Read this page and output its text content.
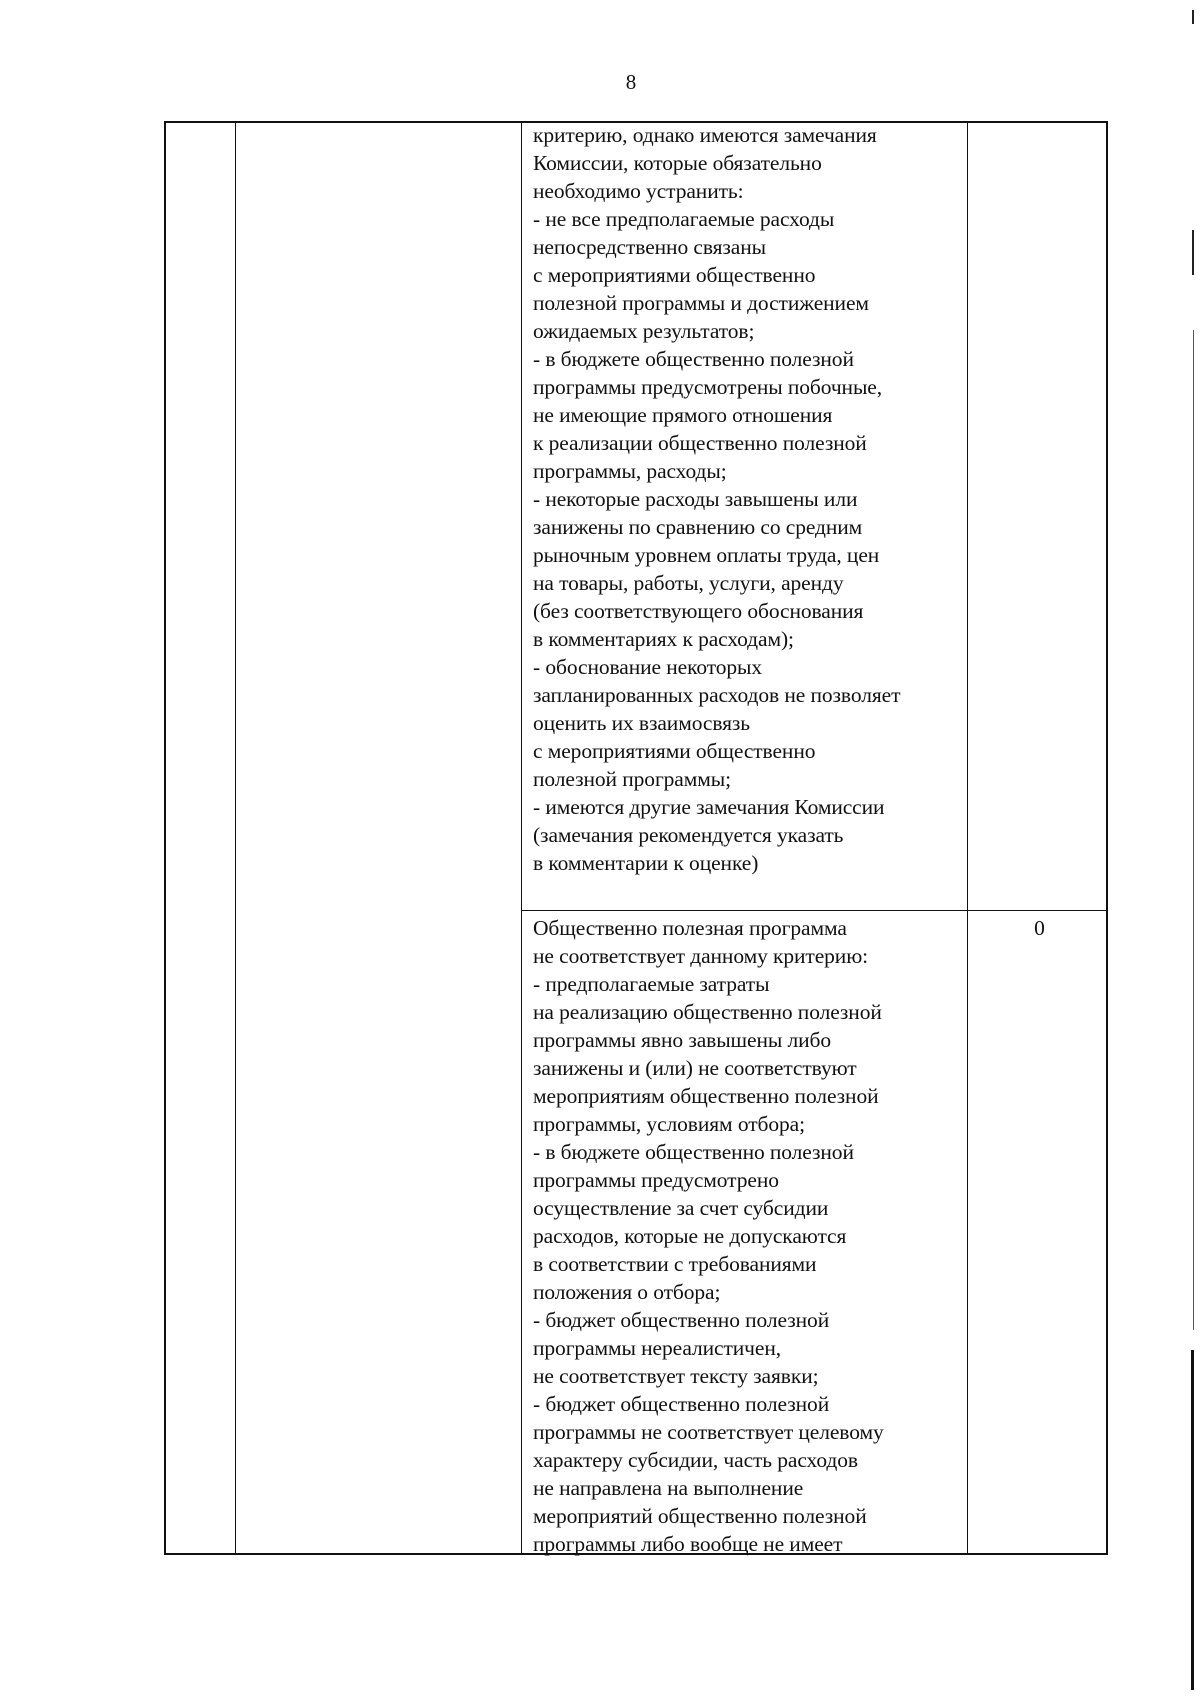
8
критерию, однако имеются замечания
Комиссии, которые обязательно
необходимо устранить:
- не все предполагаемые расходы
непосредственно связаны
с мероприятиями общественно
полезной программы и достижением
ожидаемых результатов;
- в бюджете общественно полезной
программы предусмотрены побочные,
не имеющие прямого отношения
к реализации общественно полезной
программы, расходы;
- некоторые расходы завышены или
занижены по сравнению со средним
рыночным уровнем оплаты труда, цен
на товары, работы, услуги, аренду
(без соответствующего обоснования
в комментариях к расходам);
- обоснование некоторых
запланированных расходов не позволяет
оценить их взаимосвязь
с мероприятиями общественно
полезной программы;
- имеются другие замечания Комиссии
(замечания рекомендуется указать
в комментарии к оценке)
Общественно полезная программа
не соответствует данному критерию:
- предполагаемые затраты
на реализацию общественно полезной
программы явно завышены либо
занижены и (или) не соответствуют
мероприятиям общественно полезной
программы, условиям отбора;
- в бюджете общественно полезной
программы предусмотрено
осуществление за счет субсидии
расходов, которые не допускаются
в соответствии с требованиями
положения о отбора;
- бюджет общественно полезной
программы нереалистичен,
не соответствует тексту заявки;
- бюджет общественно полезной
программы не соответствует целевому
характеру субсидии, часть расходов
не направлена на выполнение
мероприятий общественно полезной
программы либо вообще не имеет
0
